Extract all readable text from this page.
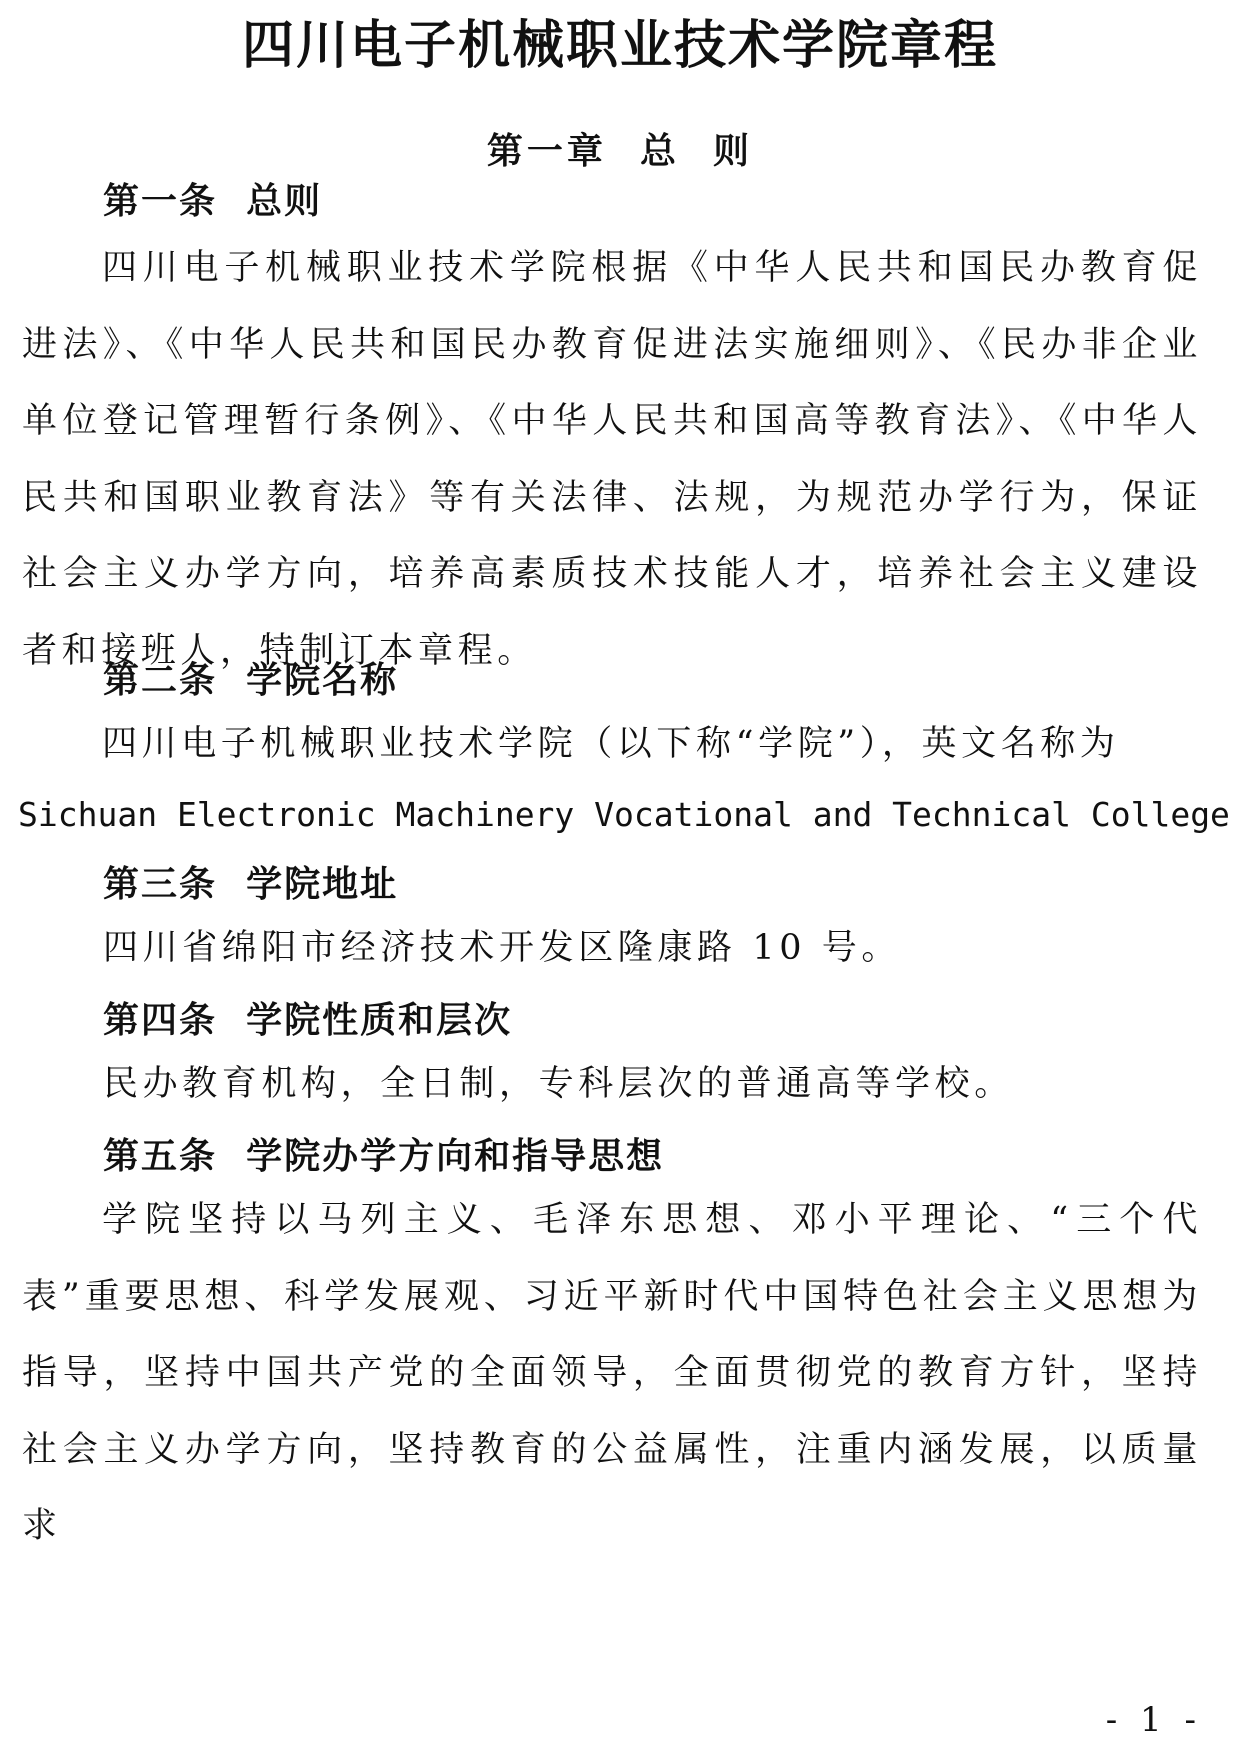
四川电子机械职业技术学院章程
第一章  总  则
第一条  总则

四川电子机械职业技术学院根据《中华人民共和国民办教育促进法》、《中华人民共和国民办教育促进法实施细则》、《民办非企业单位登记管理暂行条例》、《中华人民共和国高等教育法》、《中华人民共和国职业教育法》等有关法律、法规，为规范办学行为，保证社会主义办学方向，培养高素质技术技能人才，培养社会主义建设者和接班人，特制订本章程。

第二条  学院名称

四川电子机械职业技术学院（以下称“学院”），英文名称为

Sichuan Electronic Machinery Vocational and Technical College

第三条  学院地址

四川省绵阳市经济技术开发区隆康路 10 号。

第四条  学院性质和层次

民办教育机构，全日制，专科层次的普通高等学校。

第五条  学院办学方向和指导思想

学院坚持以马列主义、毛泽东思想、邓小平理论、“三个代表”重要思想、科学发展观、习近平新时代中国特色社会主义思想为指导，坚持中国共产党的全面领导，全面贯彻党的教育方针，坚持社会主义办学方向，坚持教育的公益属性，注重内涵发展，以质量求

- 1 -
